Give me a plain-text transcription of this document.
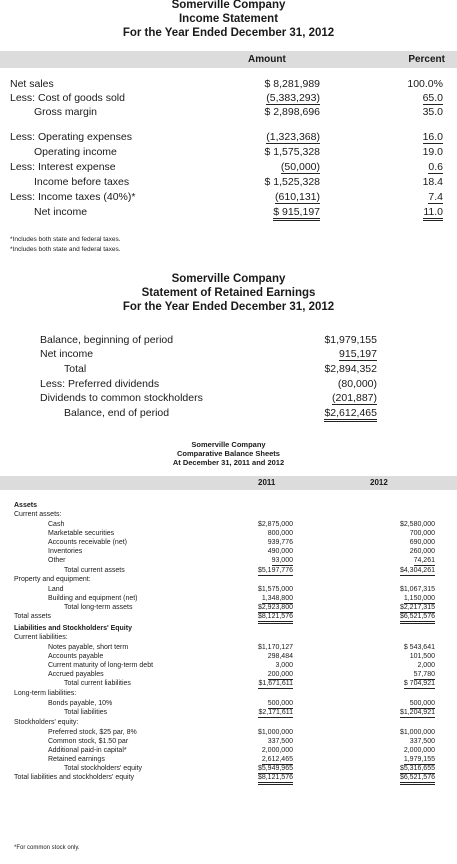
Somerville Company
Income Statement
For the Year Ended December 31, 2012
Amount	Percent
Net sales	$ 8,281,989	100.0%
Less: Cost of goods sold	(5,383,293)	65.0
Gross margin	$ 2,898,696	35.0
Less: Operating expenses	(1,323,368)	16.0
Operating income	$ 1,575,328	19.0
Less: Interest expense	(50,000)	0.6
Income before taxes	$ 1,525,328	18.4
Less: Income taxes (40%)*	(610,131)	7.4
Net income	$ 915,197	11.0
*Includes both state and federal taxes.
*Includes both state and federal taxes.
Somerville Company
Statement of Retained Earnings
For the Year Ended December 31, 2012
Balance, beginning of period	$1,979,155
Net income	915,197
Total	$2,894,352
Less: Preferred dividends	(80,000)
Dividends to common stockholders	(201,887)
Balance, end of period	$2,612,465
Somerville Company
Comparative Balance Sheets
At December 31, 2011 and 2012
2011	2012
Assets
Current assets:
Cash	$2,875,000	$2,580,000
Marketable securities	800,000	700,000
Accounts receivable (net)	939,776	690,000
Inventories	490,000	260,000
Other	93,000	74,261
Total current assets	$5,197,776	$4,304,261
Property and equipment:
Land	$1,575,000	$1,067,315
Building and equipment (net)	1,348,800	1,150,000
Total long-term assets	$2,923,800	$2,217,315
Total assets	$8,121,576	$6,521,576
Liabilities and Stockholders' Equity
Current liabilities:
Notes payable, short term	$1,170,127	$ 543,641
Accounts payable	298,484	101,500
Current maturity of long-term debt	3,000	2,000
Accrued payables	200,000	57,780
Total current liabilities	$1,671,611	$ 704,921
Long-term liabilities:
Bonds payable, 10%	500,000	500,000
Total liabilities	$2,171,611	$1,204,921
Stockholders' equity:
Preferred stock, $25 par, 8%	$1,000,000	$1,000,000
Common stock, $1.50 par	337,500	337,500
Additional paid-in capital*	2,000,000	2,000,000
Retained earnings	2,612,465	1,979,155
Total stockholders' equity	$5,949,965	$5,316,655
Total liabilities and stockholders' equity	$8,121,576	$6,521,576
*For common stock only.
